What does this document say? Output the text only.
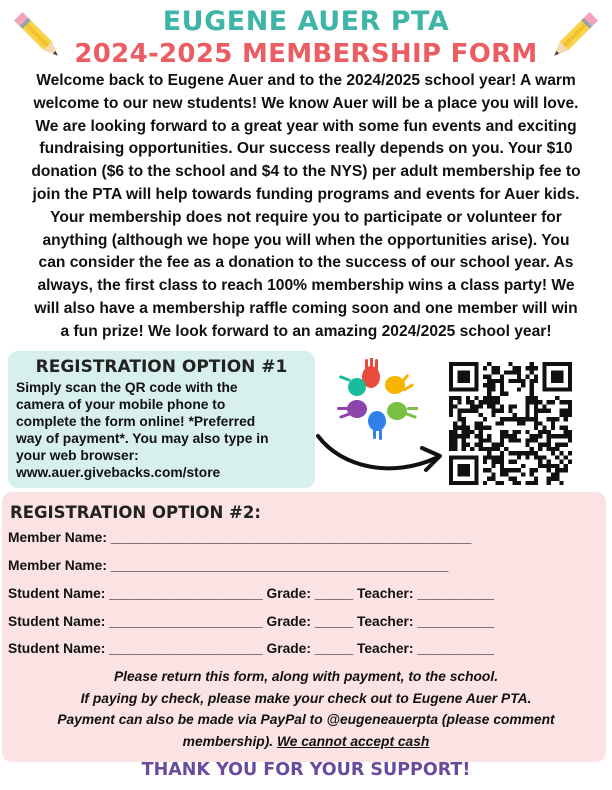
EUGENE AUER PTA
2024-2025 MEMBERSHIP FORM
Welcome back to Eugene Auer and to the 2024/2025 school year! A warm
welcome to our new students! We know Auer will be a place you will love.
We are looking forward to a great year with some fun events and exciting
fundraising opportunities. Our success really depends on you. Your $10
donation ($6 to the school and $4 to the NYS) per adult membership fee to
join the PTA will help towards funding programs and events for Auer kids.
Your membership does not require you to participate or volunteer for
anything (although we hope you will when the opportunities arise). You
can consider the fee as a donation to the success of our school year. As
always, the first class to reach 100% membership wins a class party! We
will also have a membership raffle coming soon and one member will win
a fun prize! We look forward to an amazing 2024/2025 school year!
REGISTRATION OPTION #1
Simply scan the QR code with the
camera of your mobile phone to
complete the form online! *Preferred
way of payment*. You may also type in
your web browser:
www.auer.givebacks.com/store
REGISTRATION OPTION #2:
Member Name: _______________________________________________
Member Name: ____________________________________________
Student Name: ____________________ Grade: _____ Teacher: __________
Student Name: ____________________ Grade: _____ Teacher: __________
Student Name: ____________________ Grade: _____ Teacher: __________
Please return this form, along with payment, to the school.
If paying by check, please make your check out to Eugene Auer PTA.
Payment can also be made via PayPal to @eugeneauerpta (please comment
membership). We cannot accept cash
THANK YOU FOR YOUR SUPPORT!
